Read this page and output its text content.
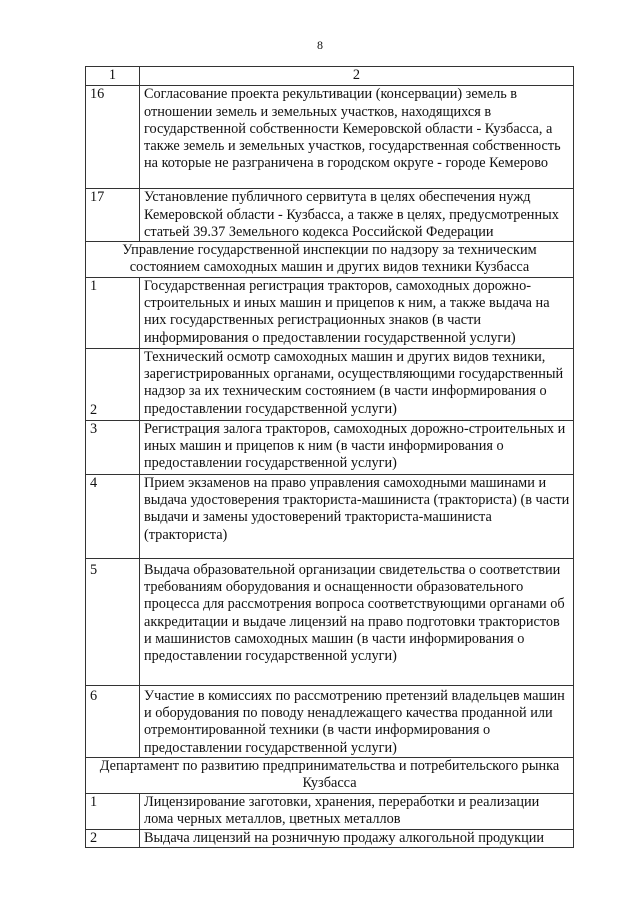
8
1	2
16	Согласование проекта рекультивации (консервации) земель в отношении земель и земельных участков, находящихся в государственной собственности Кемеровской области - Кузбасса, а также земель и земельных участков, государственная собственность на которые не разграничена в городском округе - городе Кемерово
17	Установление публичного сервитута в целях обеспечения нужд Кемеровской области - Кузбасса, а также в целях, предусмотренных статьей 39.37 Земельного кодекса Российской Федерации
Управление государственной инспекции по надзору за техническим состоянием самоходных машин и других видов техники Кузбасса	
1	Государственная регистрация тракторов, самоходных дорожно-строительных и иных машин и прицепов к ним, а также выдача на них государственных регистрационных знаков (в части информирования о предоставлении государственной услуги)
2	Технический осмотр самоходных машин и других видов техники, зарегистрированных органами, осуществляющими государственный надзор за их техническим состоянием (в части информирования о предоставлении государственной услуги)
3	Регистрация залога тракторов, самоходных дорожно-строительных и иных машин и прицепов к ним (в части информирования о предоставлении государственной услуги)
4	Прием экзаменов на право управления самоходными машинами и выдача удостоверения тракториста-машиниста (тракториста) (в части выдачи и замены удостоверений тракториста-машиниста (тракториста)
5	Выдача образовательной организации свидетельства о соответствии требованиям оборудования и оснащенности образовательного процесса для рассмотрения вопроса соответствующими органами об аккредитации и выдаче лицензий на право подготовки трактористов и машинистов самоходных машин (в части информирования о предоставлении государственной услуги)
6	Участие в комиссиях по рассмотрению претензий владельцев машин и оборудования по поводу ненадлежащего качества проданной или отремонтированной техники (в части информирования о предоставлении государственной услуги)
Департамент по развитию предпринимательства и потребительского рынка Кузбасса	
1	Лицензирование заготовки, хранения, переработки и реализации лома черных металлов, цветных металлов
2	Выдача лицензий на розничную продажу алкогольной продукции
